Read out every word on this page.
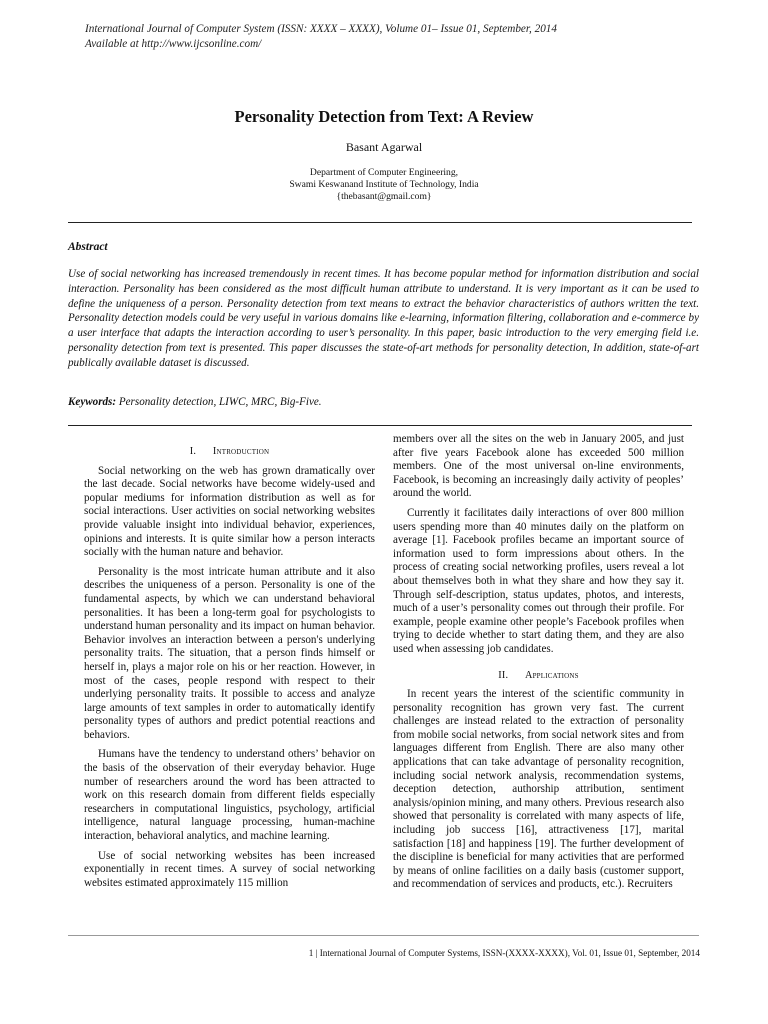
International Journal of Computer System (ISSN: XXXX – XXXX), Volume 01– Issue 01, September, 2014
Available at http://www.ijcsonline.com/
Personality Detection from Text: A Review
Basant Agarwal
Department of Computer Engineering,
Swami Keswanand Institute of Technology, India
{thebasant@gmail.com}
Abstract
Use of social networking has increased tremendously in recent times. It has become popular method for information distribution and social interaction. Personality has been considered as the most difficult human attribute to understand. It is very important as it can be used to define the uniqueness of a person. Personality detection from text means to extract the behavior characteristics of authors written the text. Personality detection models could be very useful in various domains like e-learning, information filtering, collaboration and e-commerce by a user interface that adapts the interaction according to user’s personality. In this paper, basic introduction to the very emerging field i.e. personality detection from text is presented. This paper discusses the state-of-art methods for personality detection, In addition, state-of-art publically available dataset is discussed.
Keywords: Personality detection, LIWC, MRC, Big-Five.
I. Introduction

Social networking on the web has grown dramatically over the last decade. Social networks have become widely-used and popular mediums for information distribution as well as for social interactions. User activities on social networking websites provide valuable insight into individual behavior, experiences, opinions and interests. It is quite similar how a person interacts socially with the human nature and behavior.

Personality is the most intricate human attribute and it also describes the uniqueness of a person. Personality is one of the fundamental aspects, by which we can understand behavioral personalities. It has been a long-term goal for psychologists to understand human personality and its impact on human behavior. Behavior involves an interaction between a person's underlying personality traits. The situation, that a person finds himself or herself in, plays a major role on his or her reaction. However, in most of the cases, people respond with respect to their underlying personality traits. It possible to access and analyze large amounts of text samples in order to automatically identify personality types of authors and predict potential reactions and behaviors.

Humans have the tendency to understand others’ behavior on the basis of the observation of their everyday behavior. Huge number of researchers around the word has been attracted to work on this research domain from different fields especially researchers in computational linguistics, psychology, artificial intelligence, natural language processing, human-machine interaction, behavioral analytics, and machine learning.

Use of social networking websites has been increased exponentially in recent times. A survey of social networking websites estimated approximately 115 million

members over all the sites on the web in January 2005, and just after five years Facebook alone has exceeded 500 million members. One of the most universal on-line environments, Facebook, is becoming an increasingly daily activity of peoples’ around the world.

Currently it facilitates daily interactions of over 800 million users spending more than 40 minutes daily on the platform on average [1]. Facebook profiles became an important source of information used to form impressions about others. In the process of creating social networking profiles, users reveal a lot about themselves both in what they share and how they say it. Through self-description, status updates, photos, and interests, much of a user’s personality comes out through their profile. For example, people examine other people’s Facebook profiles when trying to decide whether to start dating them, and they are also used when assessing job candidates.

II. Applications

In recent years the interest of the scientific community in personality recognition has grown very fast. The current challenges are instead related to the extraction of personality from mobile social networks, from social network sites and from languages different from English. There are also many other applications that can take advantage of personality recognition, including social network analysis, recommendation systems, deception detection, authorship attribution, sentiment analysis/opinion mining, and many others. Previous research also showed that personality is correlated with many aspects of life, including job success [16], attractiveness [17], marital satisfaction [18] and happiness [19]. The further development of the discipline is beneficial for many activities that are performed by means of online facilities on a daily basis (customer support, and recommendation of services and products, etc.). Recruiters

1 | International Journal of Computer Systems, ISSN-(XXXX-XXXX), Vol. 01, Issue 01, September, 2014
